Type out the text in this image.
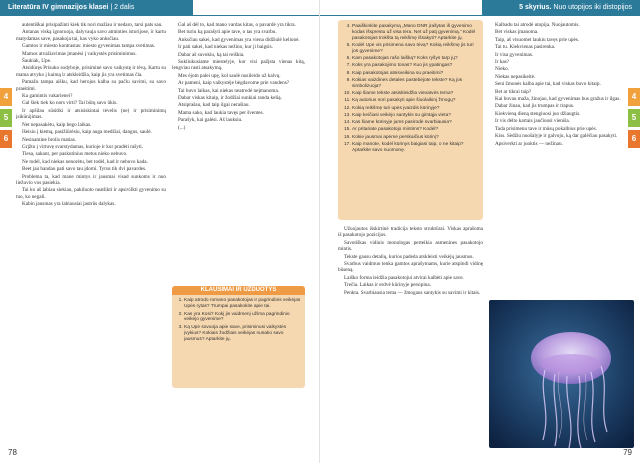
Literatūra IV gimnazijos klasei | 2 dalis
4
5
6

autentiškai prisipažinti kiek tik nori mažiau ir nedaro, tarsi pats sau.

Antanas viską ignoruoja, dalyvauja savo atminties istorijose, ir kartu matydamas save, pasakoja tai, kas vyko anksčiau.

Gamtos ir miesto kontrastas: miesto gyvenimas tampa svetimas.

Mamos atvažiavimas įmanėsi į vaikystės prisiminimus.

Šaukiak, Upe.

Atsidūręs Prisuko sodyboje, prisiminė savo vaikystę ir tėvą. Kartu su mama atvyko į kaimą ir atskleidžia, kaip jis yra svetimas čia.

Pamažu tampa aišku, kad herojus kalba su pačiu savimi, su savo praeitimi.

Ka gamintis vakarienei?

Gal šiek tiek ko nors virti? Tai būtų savo ūkis.

Ir apšilau sūsitiki ir atsisiskintai tėvelis (ne) ir prisiminimų įsikūnijimas.

Net nepasakėtu, kaip bego laikas.

Išeisiu į kiemą, pasižiūrėsiu, kaip auga medžiai, dangus, saulė.

Nesinamine brolis matias.

Grįžtu į virtuvę svarstydamas, kurioje ir kur pradėti rašyti.

Tiesa, sakant, per paskutinius metus nieko nebuvo.

Ne todėl, kad niekas nenorėtu, bet todėl, kad ir nebuvo kada.

Beet jau bandau pati savo tau įdomi. Tyrus tik dvi pavardes.

Problema ta, kad mane mintys ir jausmai visad sunkoms ir nuo liežuvio vos pasiekia.

Tai ko aš labiau siekiau, pakiluoto neatlikti ir apsivilkti gyvenimo su tuo, ko negali.

Kabin jausmas yra labiausiai jautrūs dalykas.

Gal aš dėl to, kad mano vardas kitas, o pavardė yra tikra.

Bet turiu ką parašyti apie tave, o tas yra svarbu.

Anksčiau sakei, kad gyvenimas yra viena didžiulė kelionė.

Ir pati sakei, kad niekas nežino, kur ji baigsis.

Dabar aš suvokiu, ką tai reiškia.

Sukliukusiame miestelyje, kur visi pažįsta vienas kitą, lengviau rasti atsakymą.

Mes ėjom palei upę, kol saulė nusileido už kalvų.

Ar pameni, kaip vaikystėje bėgdavome prie vandens?

Tai buvo laikas, kai niekas neatrodė neįmanoma.

Dabar viskas kitaip, ir žodžiai sunkiai randa kelią.

Atsiprašau, kad taip ilgai nerašiau.

Mama sako, kad laukia tavęs per šventes.

Parašyk, kai galėsi. Aš lauksiu.

(...)

KLAUSIMAI IR UŽDUOTYS
1. Kaip atrodo romano pasakotojas ir pagrindinis veikėjas Upės rytas? Trumpai pasakokite apie tai.
2. Kas yra Kosi? Kokį jis vaidmenį užima pagrindinio veikėjo gyvenime?
3. Ką Upė sovuoja apie save, prisiminusi vaikystės įvykius? Kokiais žodžiais veikėjas nusako savo jausmus? Aptarkite jų.
78
5 skyrius. Nuo utopijos iki distopijos
4
5
6
4. Paaiškinkite pasakymą „Mano DNR įrašytas iš gyvenimo kodas išsprestu už visa tėra. Net už patį gyvenimą.“ Kodėl pasakotojas trokšta tą reikšmę išsakyti? Aptarkite jų.
5. Kodėl Upė vis prisimena savo tėvą? Kokią reikšmę jis turi jos gyvenime?
6. Kam pasakotojas rašo laišką? Koks ryšys tarp jų?
7. Koks yra pasakojimo tonas? Kuo jis ypatingas?
8. Kaip pasakotojas atsisveikina su praeitimi?
9. Kokias vaizdines detales pastebėjote tekste? Ką jos simbolizuoja?
10. Kaip šiame tekste atsiskleidžia vienatvės tema?
11. Ką autorius nori pasakyti apie šiuolaikinį žmogų?
12. Kokią reikšmę turi upės įvaizdis kūrinyje?
13. Kaip keičiasi veikėjo santykis su gimtąja vieta?
14. Kas šiame kūrinyje jums pasirodė svarbiausia?
15. Ar pritariate pasakotojo mintims? Kodėl?
16. Kokie jausmai apėmė perskaičius kūrinį?
17. Kaip manote, kodėl kūrinys baigiasi taip, o ne kitaip? Aptarkite savo nuomonę.

Užuojautos išskirtinė tradicija teksto struktūrai. Viskas aprašoma iš pasakotojo pozicijos.

Savotiškas vidinis monologas perteikia asmenines pasakotojo mintis.

Tekste gausu detalių, kurios padeda atskleisti veikėjų jausmus.

Svarbus vaidmuo tenka gamtos aprašymams, kurie atspindi vidinę būseną.

Laiško forma leidžia pasakotojui atvirai kalbėti apie save.

Trečia. Laikas ir erdvė kūrinyje persipina.

Penkta. Svarbiausia tema — žmogaus santykis su savimi ir kitais.

Kalbadu tai atrodė utopija. Nuojautomis.

Bet viskas įmanoma.

Taip, aš visuomet laukiu tavęs prie upės.

Tai tu. Kiekvienas pasirenka.

Ir visa gyvenimas.

Ir kas?

Nieko.

Niekas nepasikeitė.

Seni žmonės kalba apie tai, kad viskas buvo kitaip.

Bet ar tikrai taip?

Kai buvau maža, žinojau, kad gyvenimas bus gražus ir ilgas.

Dabar žinau, kad jis trumpas ir trapus.

Kiekvieną dieną stengiuosi juo džiaugtis.

Ir vis dėlto kartais jaučiuosi vieniša.

Tada prisimenu tave ir mūsų pokalbius prie upės.

Kiss. Sėdžiu nuošalyje ir galvoju, ką dar galėčiau pasakyti.

Apsiverkti ar juoktis — nežinau.

79
